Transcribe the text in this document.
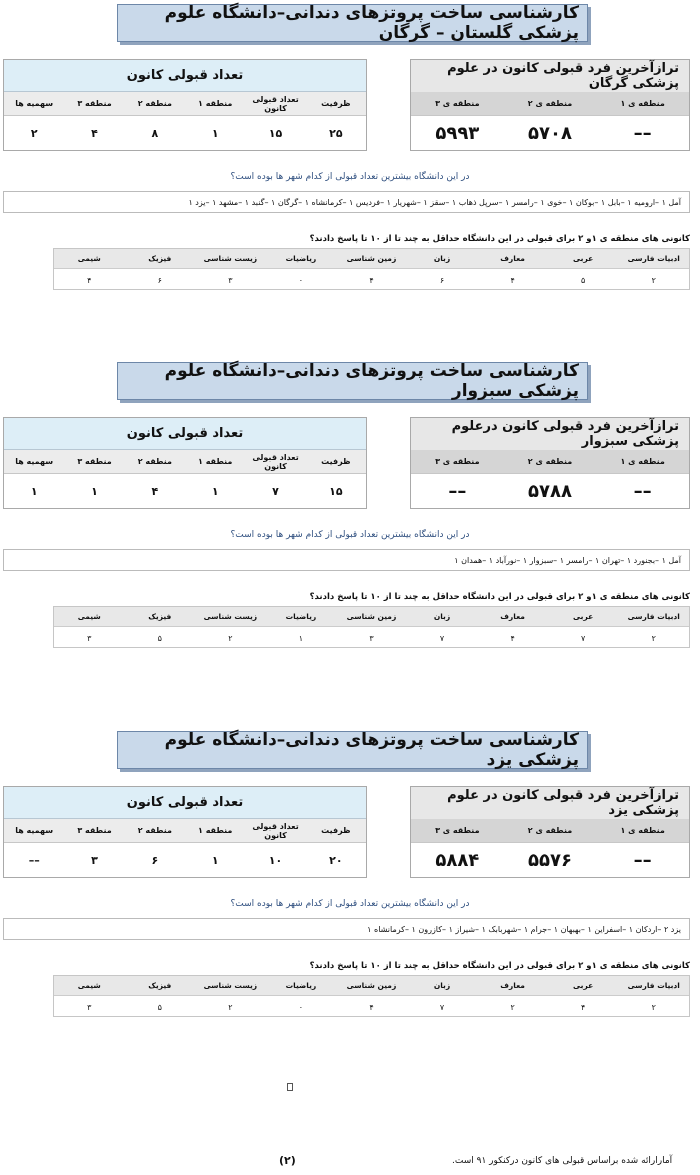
کارشناسی ساخت پروتزهای دندانی–دانشگاه علوم پزشکی گلستان – گرگان
تعداد قبولی کانون
ظرفیت
تعداد قبولی کانون
منطقه ۱
منطقه ۲
منطقه ۳
سهمیه ها
۲۵
۱۵
۱
۸
۴
۲
ترازآخرین فرد قبولی کانون در علوم پزشکی گرگان
منطقه ی ۱
منطقه ی ۲
منطقه ی ۳
––
۵۷۰۸
۵۹۹۳
در این دانشگاه بیشترین تعداد قبولی از کدام شهر ها بوده است؟
آمل ۱ –ارومیه ۱ –بابل ۱ –بوکان ۱ –خوی ۱ –رامسر ۱ –سرپل ذهاب ۱ –سقز ۱ –شهریار ۱ –فردیس ۱ –کرمانشاه ۱ –گرگان ۱ –گنبد ۱ –مشهد ۱ –یزد ۱
کانونی های منطقه ی ۱و ۲ برای قبولی در این دانشگاه حداقل به چند تا از ۱۰ تا پاسخ دادند؟
ادبیات فارسی
عربی
معارف
زبان
زمین شناسی
ریاضیات
زیست شناسی
فیزیک
شیمی
۲
۵
۴
۶
۴
۰
۳
۶
۴
کارشناسی ساخت پروتزهای دندانی–دانشگاه علوم پزشکی سبزوار
تعداد قبولی کانون
ظرفیت
تعداد قبولی کانون
منطقه ۱
منطقه ۲
منطقه ۳
سهمیه ها
۱۵
۷
۱
۴
۱
۱
ترازآخرین فرد قبولی کانون درعلوم پزشکی سبزوار
منطقه ی ۱
منطقه ی ۲
منطقه ی ۳
––
۵۷۸۸
––
در این دانشگاه بیشترین تعداد قبولی از کدام شهر ها بوده است؟
آمل ۱ –بجنورد ۱ –تهران ۱ –رامسر ۱ –سبزوار ۱ –نورآباد ۱ –همدان ۱
کانونی های منطقه ی ۱و ۲ برای قبولی در این دانشگاه حداقل به چند تا از ۱۰ تا پاسخ دادند؟
ادبیات فارسی
عربی
معارف
زبان
زمین شناسی
ریاضیات
زیست شناسی
فیزیک
شیمی
۲
۷
۴
۷
۳
۱
۲
۵
۳
کارشناسی ساخت پروتزهای دندانی–دانشگاه علوم پزشکی یزد
تعداد قبولی کانون
ظرفیت
تعداد قبولی کانون
منطقه ۱
منطقه ۲
منطقه ۳
سهمیه ها
۲۰
۱۰
۱
۶
۳
––
ترازآخرین فرد قبولی کانون در علوم پزشکی یزد
منطقه ی ۱
منطقه ی ۲
منطقه ی ۳
––
۵۵۷۶
۵۸۸۴
در این دانشگاه بیشترین تعداد قبولی از کدام شهر ها بوده است؟
یزد ۲ –اردکان ۱ –اسفراین ۱ –بهبهان ۱ –جرام ۱ –شهربابک ۱ –شیراز ۱ –کازرون ۱ –کرمانشاه ۱
کانونی های منطقه ی ۱و ۲ برای قبولی در این دانشگاه حداقل به چند تا از ۱۰ تا پاسخ دادند؟
ادبیات فارسی
عربی
معارف
زبان
زمین شناسی
ریاضیات
زیست شناسی
فیزیک
شیمی
۲
۴
۲
۷
۴
۰
۲
۵
۳
(۲)	آمارارائه شده براساس قبولی های کانون درکنکور ۹۱ است.
